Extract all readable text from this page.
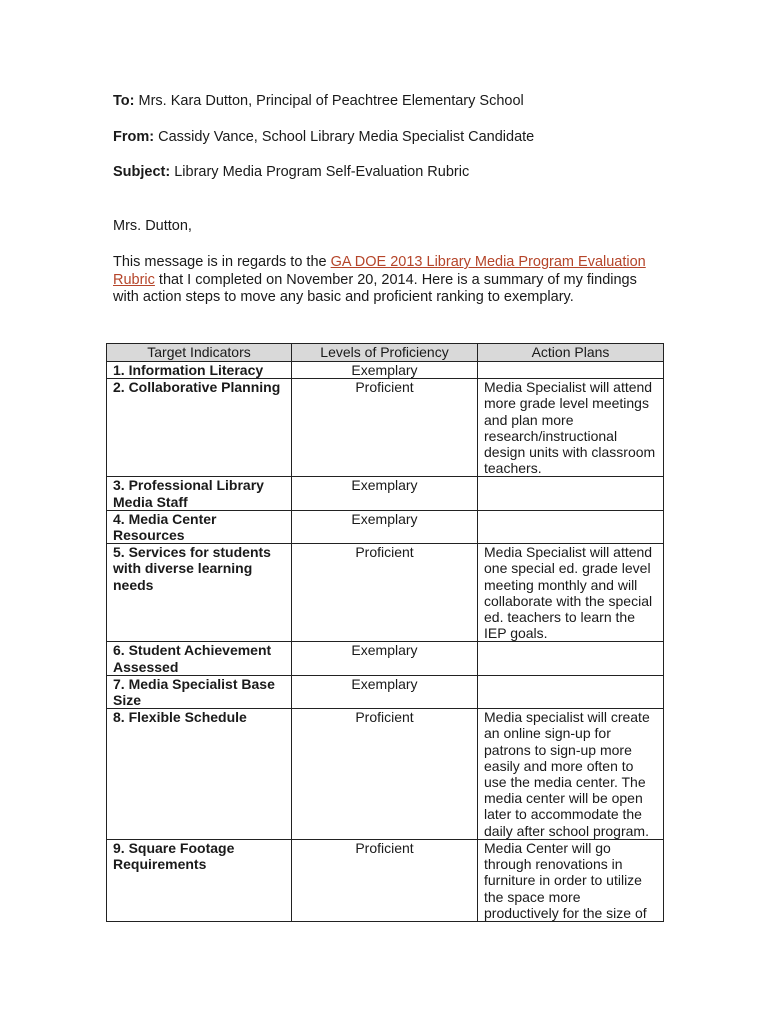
To: Mrs. Kara Dutton, Principal of Peachtree Elementary School
From: Cassidy Vance, School Library Media Specialist Candidate
Subject: Library Media Program Self-Evaluation Rubric
Mrs. Dutton,
This message is in regards to the GA DOE 2013 Library Media Program Evaluation Rubric that I completed on November 20, 2014. Here is a summary of my findings with action steps to move any basic and proficient ranking to exemplary.
Target Indicators	Levels of Proficiency	Action Plans
1. Information Literacy	Exemplary	
2. Collaborative Planning	Proficient	Media Specialist will attend more grade level meetings and plan more research/instructional design units with classroom teachers.
3. Professional Library Media Staff	Exemplary	
4. Media Center Resources	Exemplary	
5. Services for students with diverse learning needs	Proficient	Media Specialist will attend one special ed. grade level meeting monthly and will collaborate with the special ed. teachers to learn the IEP goals.
6. Student Achievement Assessed	Exemplary	
7. Media Specialist Base Size	Exemplary	
8. Flexible Schedule	Proficient	Media specialist will create an online sign-up for patrons to sign-up more easily and more often to use the media center. The media center will be open later to accommodate the daily after school program.
9. Square Footage Requirements	Proficient	Media Center will go through renovations in furniture in order to utilize the space more productively for the size of
